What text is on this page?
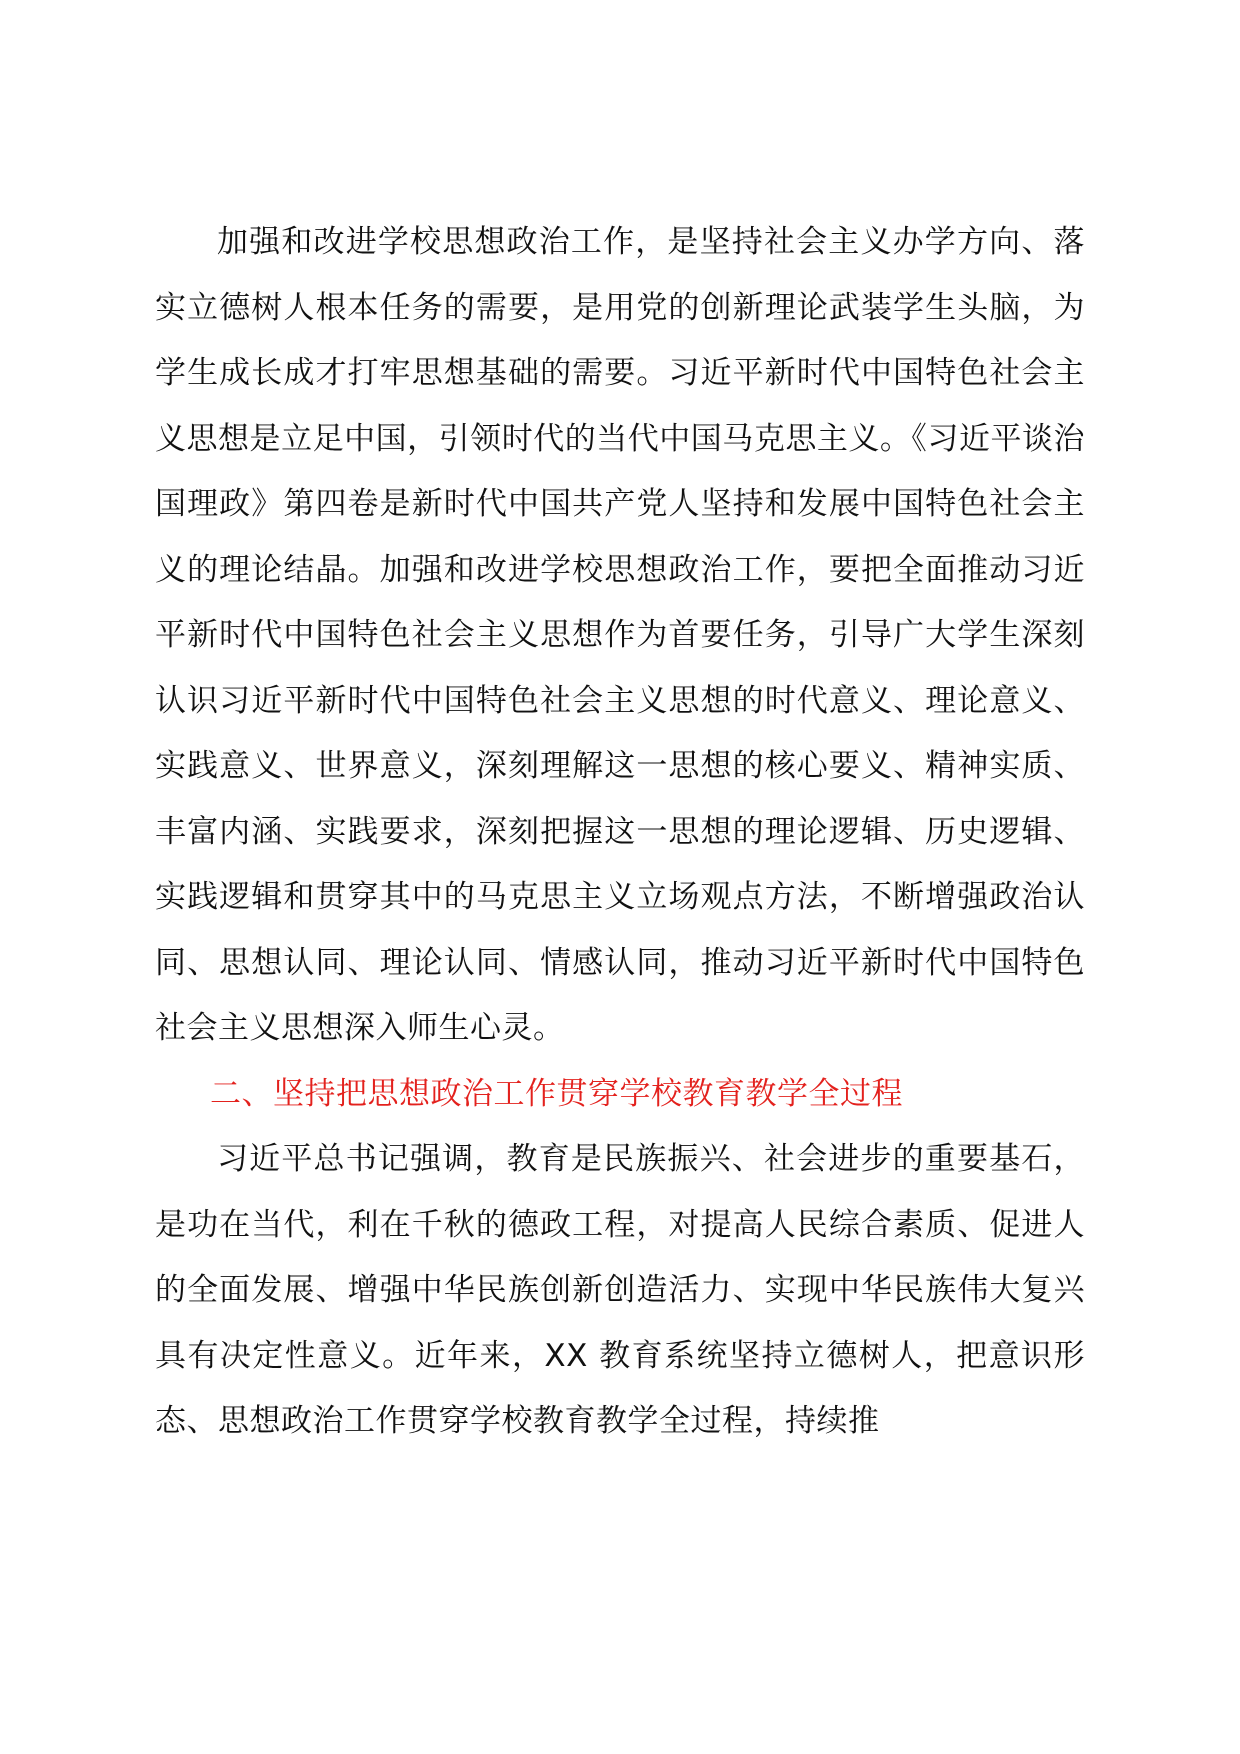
加强和改进学校思想政治工作，是坚持社会主义办学方向、落实立德树人根本任务的需要，是用党的创新理论武装学生头脑，为学生成长成才打牢思想基础的需要。习近平新时代中国特色社会主义思想是立足中国，引领时代的当代中国马克思主义。《习近平谈治国理政》第四卷是新时代中国共产党人坚持和发展中国特色社会主义的理论结晶。加强和改进学校思想政治工作，要把全面推动习近平新时代中国特色社会主义思想作为首要任务，引导广大学生深刻认识习近平新时代中国特色社会主义思想的时代意义、理论意义、实践意义、世界意义，深刻理解这一思想的核心要义、精神实质、丰富内涵、实践要求，深刻把握这一思想的理论逻辑、历史逻辑、实践逻辑和贯穿其中的马克思主义立场观点方法，不断增强政治认同、思想认同、理论认同、情感认同，推动习近平新时代中国特色社会主义思想深入师生心灵。

二、坚持把思想政治工作贯穿学校教育教学全过程

习近平总书记强调，教育是民族振兴、社会进步的重要基石，是功在当代，利在千秋的德政工程，对提高人民综合素质、促进人的全面发展、增强中华民族创新创造活力、实现中华民族伟大复兴具有决定性意义。近年来，XX 教育系统坚持立德树人，把意识形态、思想政治工作贯穿学校教育教学全过程，持续推
